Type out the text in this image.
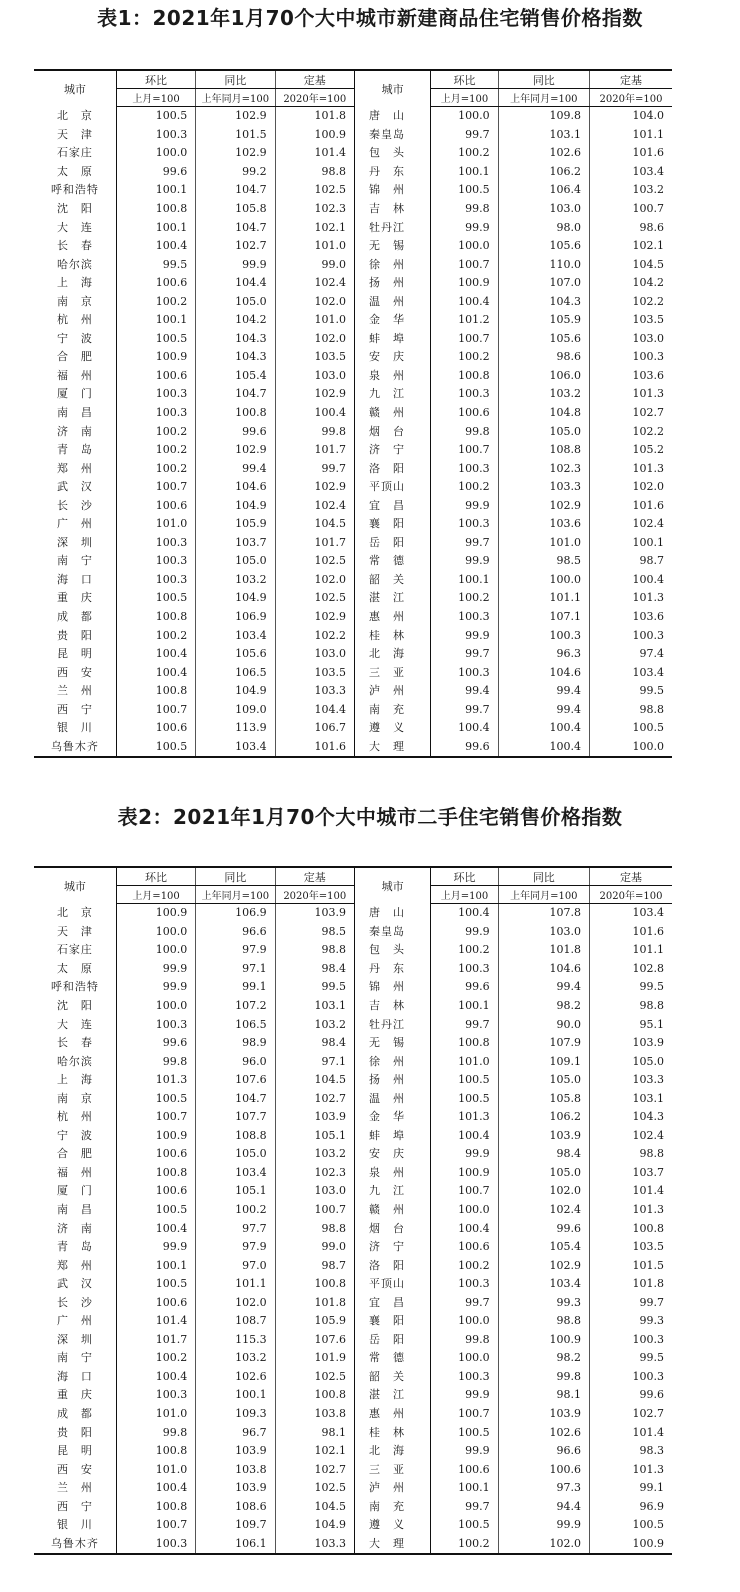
表1：2021年1月70个大中城市新建商品住宅销售价格指数
城市	环比	同比	定基	城市	环比	同比	定基
	上月=100	上年同月=100	2020年=100		上月=100	上年同月=100	2020年=100
北　京	100.5	102.9	101.8	唐　山	100.0	109.8	104.0
天　津	100.3	101.5	100.9	秦皇岛	99.7	103.1	101.1
石家庄	100.0	102.9	101.4	包　头	100.2	102.6	101.6
太　原	99.6	99.2	98.8	丹　东	100.1	106.2	103.4
呼和浩特	100.1	104.7	102.5	锦　州	100.5	106.4	103.2
沈　阳	100.8	105.8	102.3	吉　林	99.8	103.0	100.7
大　连	100.1	104.7	102.1	牡丹江	99.9	98.0	98.6
长　春	100.4	102.7	101.0	无　锡	100.0	105.6	102.1
哈尔滨	99.5	99.9	99.0	徐　州	100.7	110.0	104.5
上　海	100.6	104.4	102.4	扬　州	100.9	107.0	104.2
南　京	100.2	105.0	102.0	温　州	100.4	104.3	102.2
杭　州	100.1	104.2	101.0	金　华	101.2	105.9	103.5
宁　波	100.5	104.3	102.0	蚌　埠	100.7	105.6	103.0
合　肥	100.9	104.3	103.5	安　庆	100.2	98.6	100.3
福　州	100.6	105.4	103.0	泉　州	100.8	106.0	103.6
厦　门	100.3	104.7	102.9	九　江	100.3	103.2	101.3
南　昌	100.3	100.8	100.4	赣　州	100.6	104.8	102.7
济　南	100.2	99.6	99.8	烟　台	99.8	105.0	102.2
青　岛	100.2	102.9	101.7	济　宁	100.7	108.8	105.2
郑　州	100.2	99.4	99.7	洛　阳	100.3	102.3	101.3
武　汉	100.7	104.6	102.9	平顶山	100.2	103.3	102.0
长　沙	100.6	104.9	102.4	宜　昌	99.9	102.9	101.6
广　州	101.0	105.9	104.5	襄　阳	100.3	103.6	102.4
深　圳	100.3	103.7	101.7	岳　阳	99.7	101.0	100.1
南　宁	100.3	105.0	102.5	常　德	99.9	98.5	98.7
海　口	100.3	103.2	102.0	韶　关	100.1	100.0	100.4
重　庆	100.5	104.9	102.5	湛　江	100.2	101.1	101.3
成　都	100.8	106.9	102.9	惠　州	100.3	107.1	103.6
贵　阳	100.2	103.4	102.2	桂　林	99.9	100.3	100.3
昆　明	100.4	105.6	103.0	北　海	99.7	96.3	97.4
西　安	100.4	106.5	103.5	三　亚	100.3	104.6	103.4
兰　州	100.8	104.9	103.3	泸　州	99.4	99.4	99.5
西　宁	100.7	109.0	104.4	南　充	99.7	99.4	98.8
银　川	100.6	113.9	106.7	遵　义	100.4	100.4	100.5
乌鲁木齐	100.5	103.4	101.6	大　理	99.6	100.4	100.0
表2：2021年1月70个大中城市二手住宅销售价格指数
城市	环比	同比	定基	城市	环比	同比	定基
	上月=100	上年同月=100	2020年=100		上月=100	上年同月=100	2020年=100
北　京	100.9	106.9	103.9	唐　山	100.4	107.8	103.4
天　津	100.0	96.6	98.5	秦皇岛	99.9	103.0	101.6
石家庄	100.0	97.9	98.8	包　头	100.2	101.8	101.1
太　原	99.9	97.1	98.4	丹　东	100.3	104.6	102.8
呼和浩特	99.9	99.1	99.5	锦　州	99.6	99.4	99.5
沈　阳	100.0	107.2	103.1	吉　林	100.1	98.2	98.8
大　连	100.3	106.5	103.2	牡丹江	99.7	90.0	95.1
长　春	99.6	98.9	98.4	无　锡	100.8	107.9	103.9
哈尔滨	99.8	96.0	97.1	徐　州	101.0	109.1	105.0
上　海	101.3	107.6	104.5	扬　州	100.5	105.0	103.3
南　京	100.5	104.7	102.7	温　州	100.5	105.8	103.1
杭　州	100.7	107.7	103.9	金　华	101.3	106.2	104.3
宁　波	100.9	108.8	105.1	蚌　埠	100.4	103.9	102.4
合　肥	100.6	105.0	103.2	安　庆	99.9	98.4	98.8
福　州	100.8	103.4	102.3	泉　州	100.9	105.0	103.7
厦　门	100.6	105.1	103.0	九　江	100.7	102.0	101.4
南　昌	100.5	100.2	100.7	赣　州	100.0	102.4	101.3
济　南	100.4	97.7	98.8	烟　台	100.4	99.6	100.8
青　岛	99.9	97.9	99.0	济　宁	100.6	105.4	103.5
郑　州	100.1	97.0	98.7	洛　阳	100.2	102.9	101.5
武　汉	100.5	101.1	100.8	平顶山	100.3	103.4	101.8
长　沙	100.6	102.0	101.8	宜　昌	99.7	99.3	99.7
广　州	101.4	108.7	105.9	襄　阳	100.0	98.8	99.3
深　圳	101.7	115.3	107.6	岳　阳	99.8	100.9	100.3
南　宁	100.2	103.2	101.9	常　德	100.0	98.2	99.5
海　口	100.4	102.6	102.5	韶　关	100.3	99.8	100.3
重　庆	100.3	100.1	100.8	湛　江	99.9	98.1	99.6
成　都	101.0	109.3	103.8	惠　州	100.7	103.9	102.7
贵　阳	99.8	96.7	98.1	桂　林	100.5	102.6	101.4
昆　明	100.8	103.9	102.1	北　海	99.9	96.6	98.3
西　安	101.0	103.8	102.7	三　亚	100.6	100.6	101.3
兰　州	100.4	103.9	102.5	泸　州	100.1	97.3	99.1
西　宁	100.8	108.6	104.5	南　充	99.7	94.4	96.9
银　川	100.7	109.7	104.9	遵　义	100.5	99.9	100.5
乌鲁木齐	100.3	106.1	103.3	大　理	100.2	102.0	100.9
